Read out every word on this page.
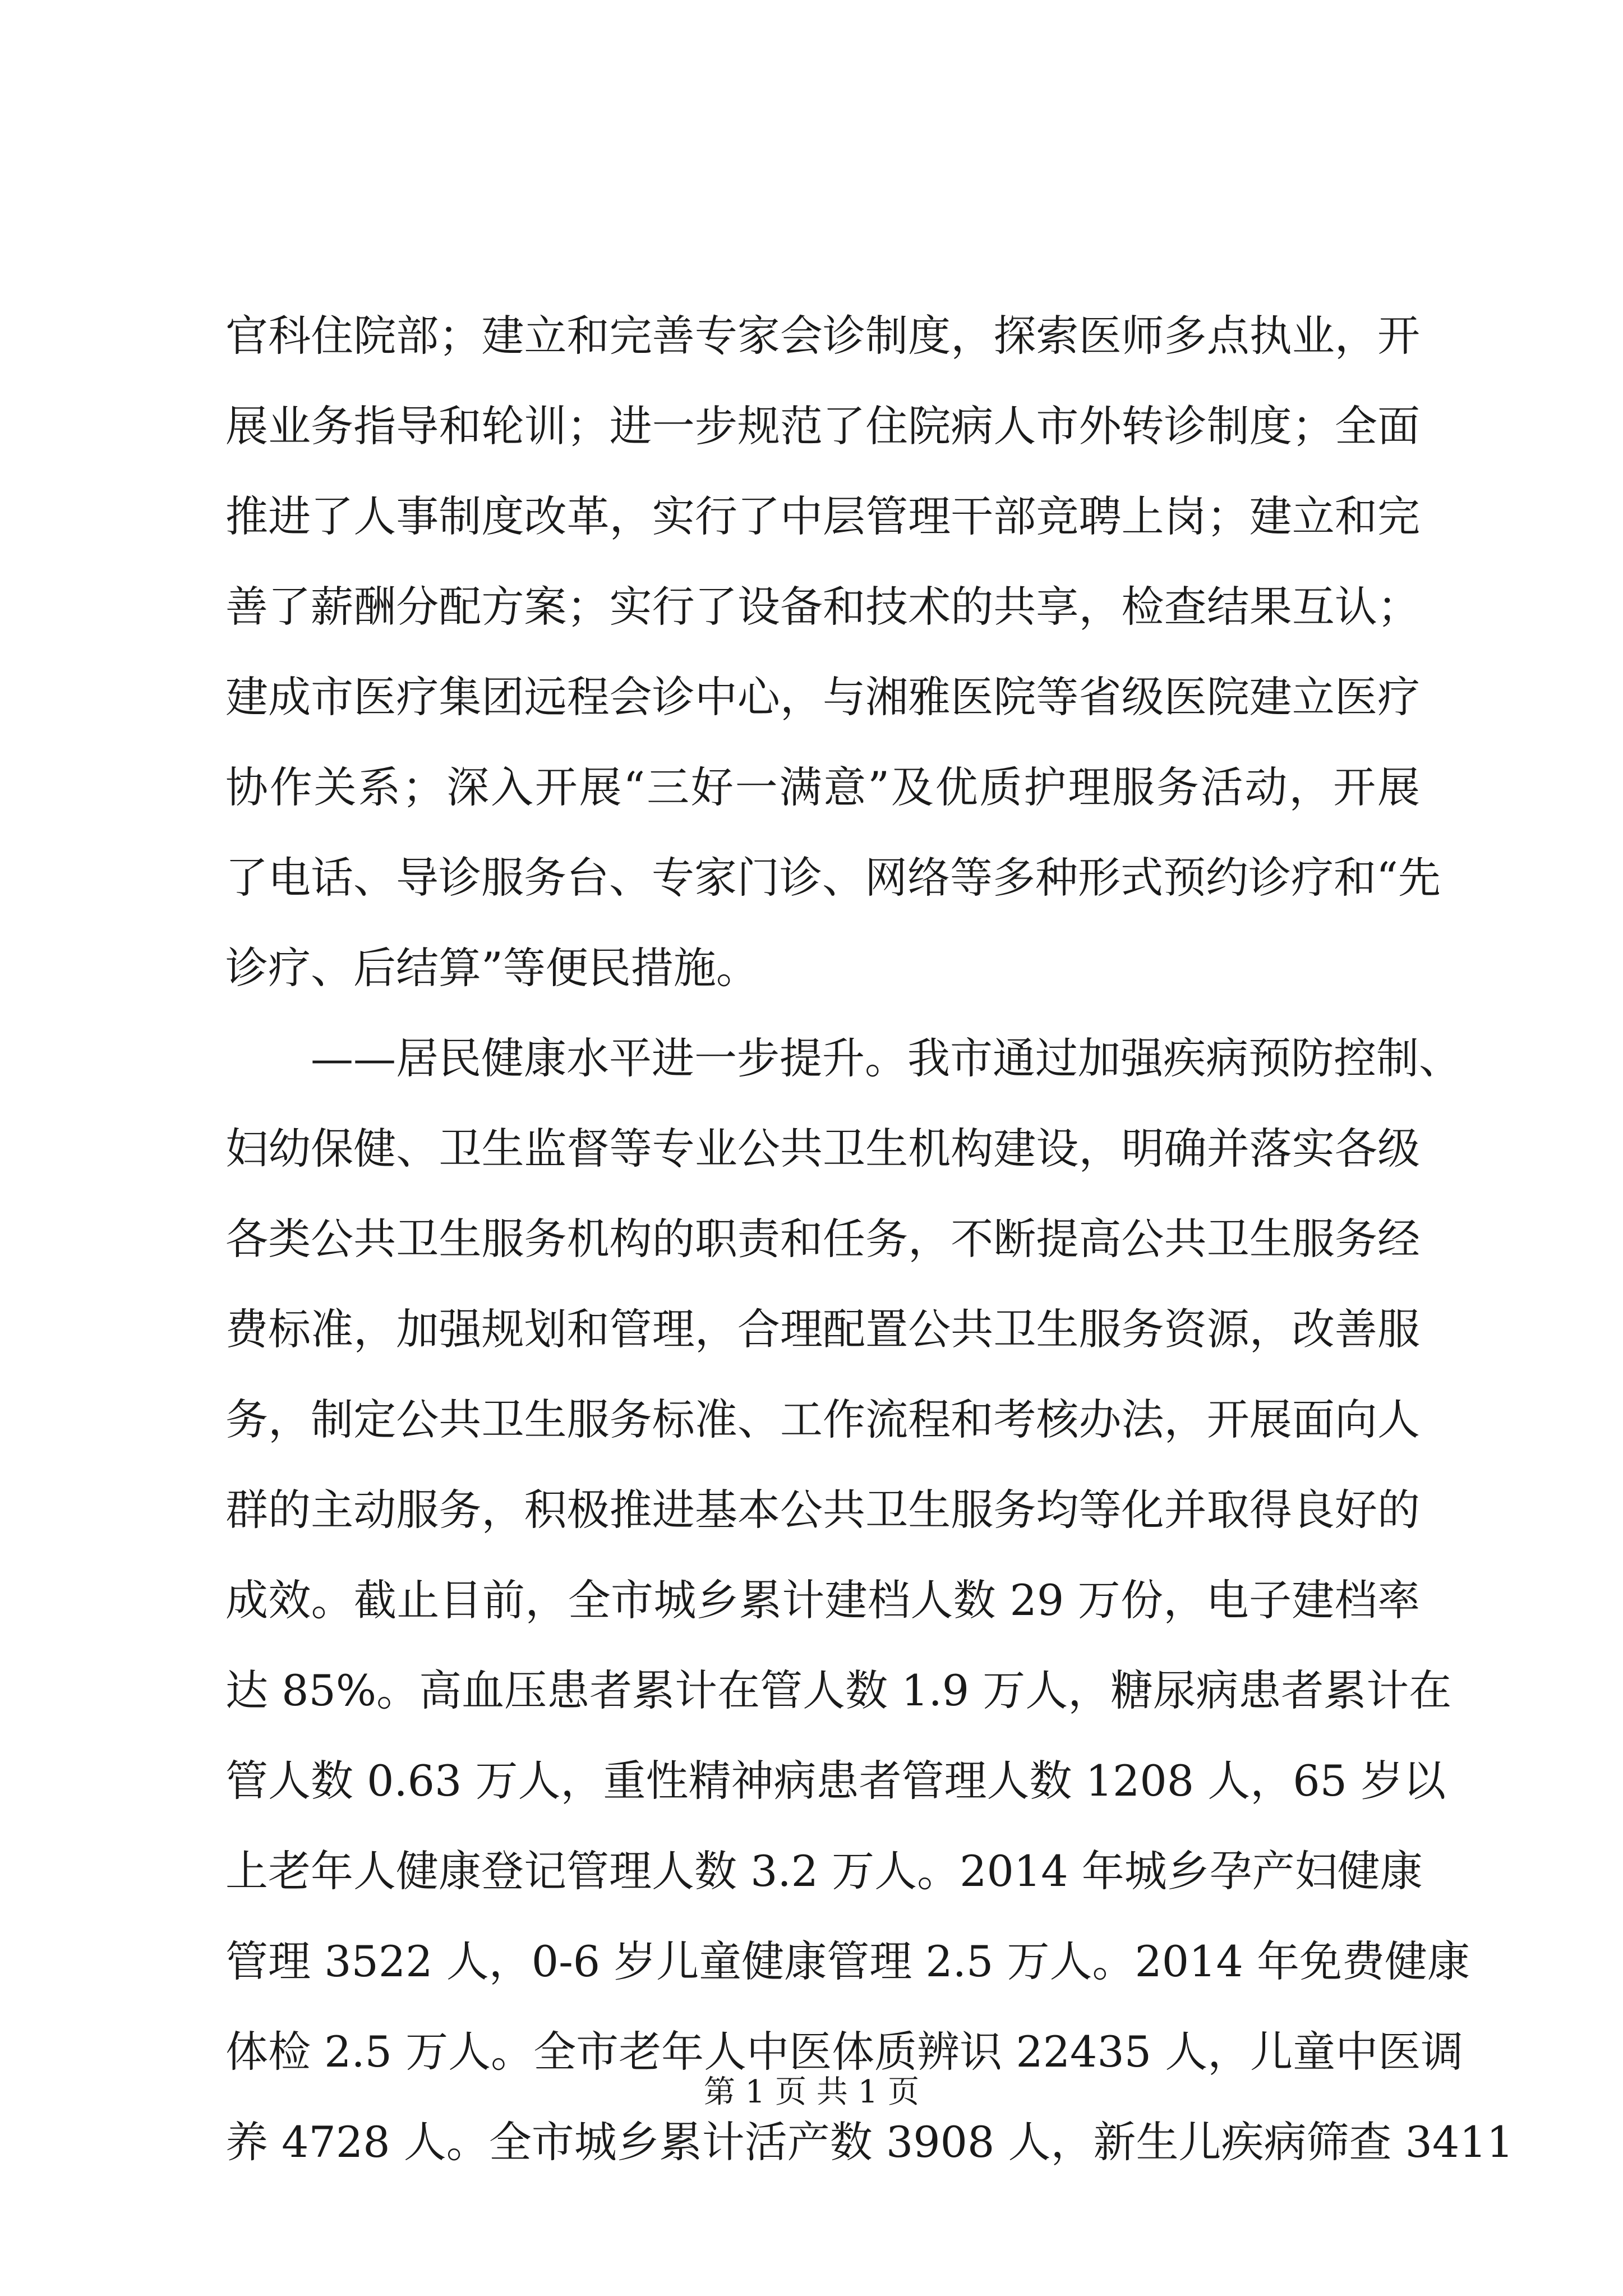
官科住院部；建立和完善专家会诊制度，探索医师多点执业，开
展业务指导和轮训；进一步规范了住院病人市外转诊制度；全面
推进了人事制度改革，实行了中层管理干部竞聘上岗；建立和完
善了薪酬分配方案；实行了设备和技术的共享，检查结果互认；
建成市医疗集团远程会诊中心，与湘雅医院等省级医院建立医疗
协作关系；深入开展“三好一满意”及优质护理服务活动，开展
了电话、导诊服务台、专家门诊、网络等多种形式预约诊疗和“先
诊疗、后结算”等便民措施。
——居民健康水平进一步提升。我市通过加强疾病预防控制、
妇幼保健、卫生监督等专业公共卫生机构建设，明确并落实各级
各类公共卫生服务机构的职责和任务，不断提高公共卫生服务经
费标准，加强规划和管理，合理配置公共卫生服务资源，改善服
务，制定公共卫生服务标准、工作流程和考核办法，开展面向人
群的主动服务，积极推进基本公共卫生服务均等化并取得良好的
成效。截止目前，全市城乡累计建档人数 29 万份，电子建档率
达 85%。高血压患者累计在管人数 1.9 万人，糖尿病患者累计在
管人数 0.63 万人，重性精神病患者管理人数 1208 人，65 岁以
上老年人健康登记管理人数 3.2 万人。2014 年城乡孕产妇健康
管理 3522 人，0-6 岁儿童健康管理 2.5 万人。2014 年免费健康
体检 2.5 万人。全市老年人中医体质辨识 22435 人，儿童中医调
养 4728 人。全市城乡累计活产数 3908 人，新生儿疾病筛查 3411
第 1 页 共 1 页
